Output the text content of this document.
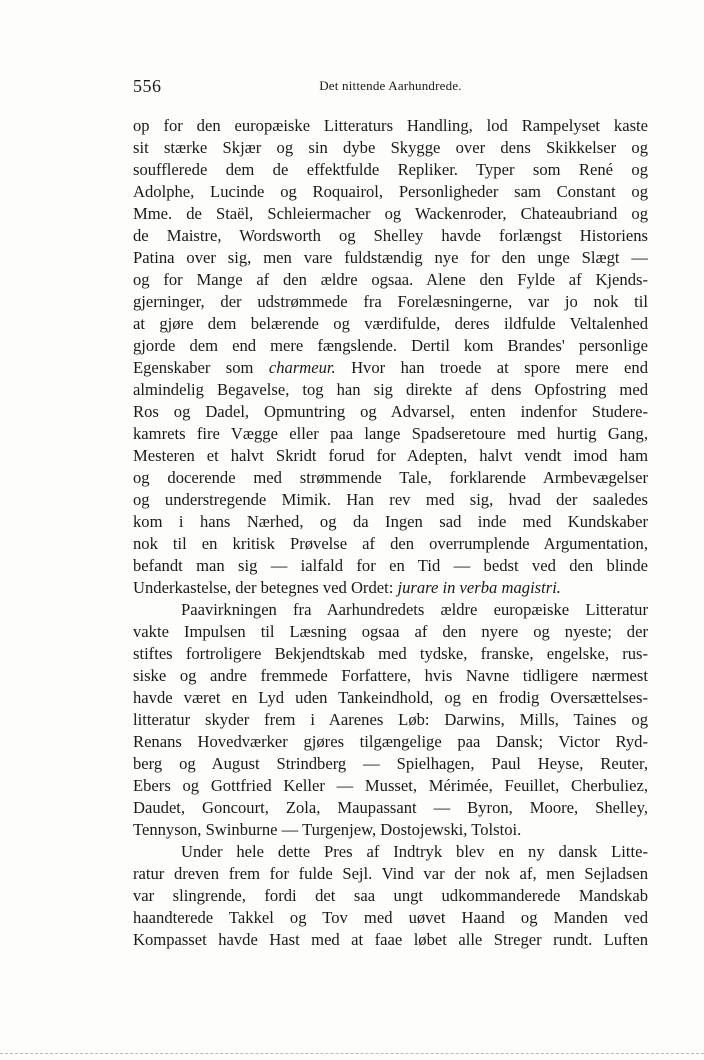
556	Det nittende Aarhundrede.
op for den europæiske Litteraturs Handling, lod Rampelyset kaste
sit stærke Skjær og sin dybe Skygge over dens Skikkelser og
soufflerede dem de effektfulde Repliker. Typer som René og
Adolphe, Lucinde og Roquairol, Personligheder sam Constant og
Mme. de Staël, Schleiermacher og Wackenroder, Chateaubriand og
de Maistre, Wordsworth og Shelley havde forlængst Historiens
Patina over sig, men vare fuldstændig nye for den unge Slægt —
og for Mange af den ældre ogsaa. Alene den Fylde af Kjends-
gjerninger, der udstrømmede fra Forelæsningerne, var jo nok til
at gjøre dem belærende og værdifulde, deres ildfulde Veltalenhed
gjorde dem end mere fængslende. Dertil kom Brandes' personlige
Egenskaber som charmeur. Hvor han troede at spore mere end
almindelig Begavelse, tog han sig direkte af dens Opfostring med
Ros og Dadel, Opmuntring og Advarsel, enten indenfor Studere-
kamrets fire Vægge eller paa lange Spadseretoure med hurtig Gang,
Mesteren et halvt Skridt forud for Adepten, halvt vendt imod ham
og docerende med strømmende Tale, forklarende Armbevægelser
og understregende Mimik. Han rev med sig, hvad der saaledes
kom i hans Nærhed, og da Ingen sad inde med Kundskaber
nok til en kritisk Prøvelse af den overrumplende Argumentation,
befandt man sig — ialfald for en Tid — bedst ved den blinde
Underkastelse, der betegnes ved Ordet: jurare in verba magistri.
Paavirkningen fra Aarhundredets ældre europæiske Litteratur
vakte Impulsen til Læsning ogsaa af den nyere og nyeste; der
stiftes fortroligere Bekjendtskab med tydske, franske, engelske, rus-
siske og andre fremmede Forfattere, hvis Navne tidligere nærmest
havde været en Lyd uden Tankeindhold, og en frodig Oversættelses-
litteratur skyder frem i Aarenes Løb: Darwins, Mills, Taines og
Renans Hovedværker gjøres tilgængelige paa Dansk; Victor Ryd-
berg og August Strindberg — Spielhagen, Paul Heyse, Reuter,
Ebers og Gottfried Keller — Musset, Mérimée, Feuillet, Cherbuliez,
Daudet, Goncourt, Zola, Maupassant — Byron, Moore, Shelley,
Tennyson, Swinburne — Turgenjew, Dostojewski, Tolstoi.
Under hele dette Pres af Indtryk blev en ny dansk Litte-
ratur dreven frem for fulde Sejl. Vind var der nok af, men Sejladsen
var slingrende, fordi det saa ungt udkommanderede Mandskab
haandterede Takkel og Tov med uøvet Haand og Manden ved
Kompasset havde Hast med at faae løbet alle Streger rundt. Luften
